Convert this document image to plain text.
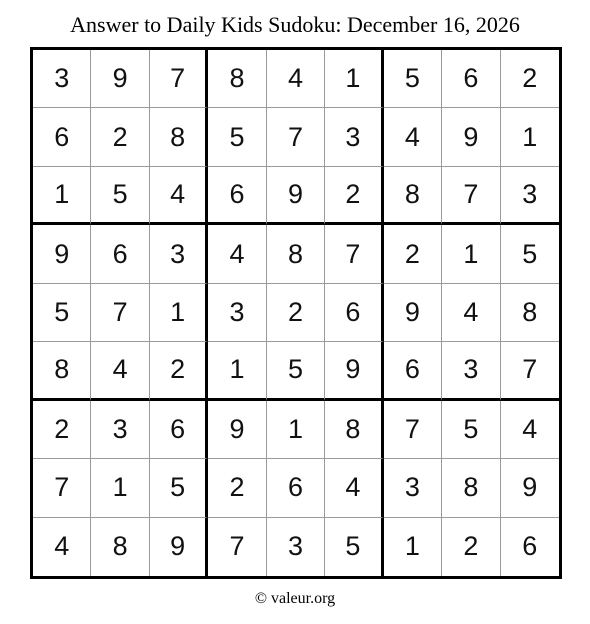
Answer to Daily Kids Sudoku: December 16, 2026
3	9	7	8	4	1	5	6	2
6	2	8	5	7	3	4	9	1
1	5	4	6	9	2	8	7	3
9	6	3	4	8	7	2	1	5
5	7	1	3	2	6	9	4	8
8	4	2	1	5	9	6	3	7
2	3	6	9	1	8	7	5	4
7	1	5	2	6	4	3	8	9
4	8	9	7	3	5	1	2	6
© valeur.org
